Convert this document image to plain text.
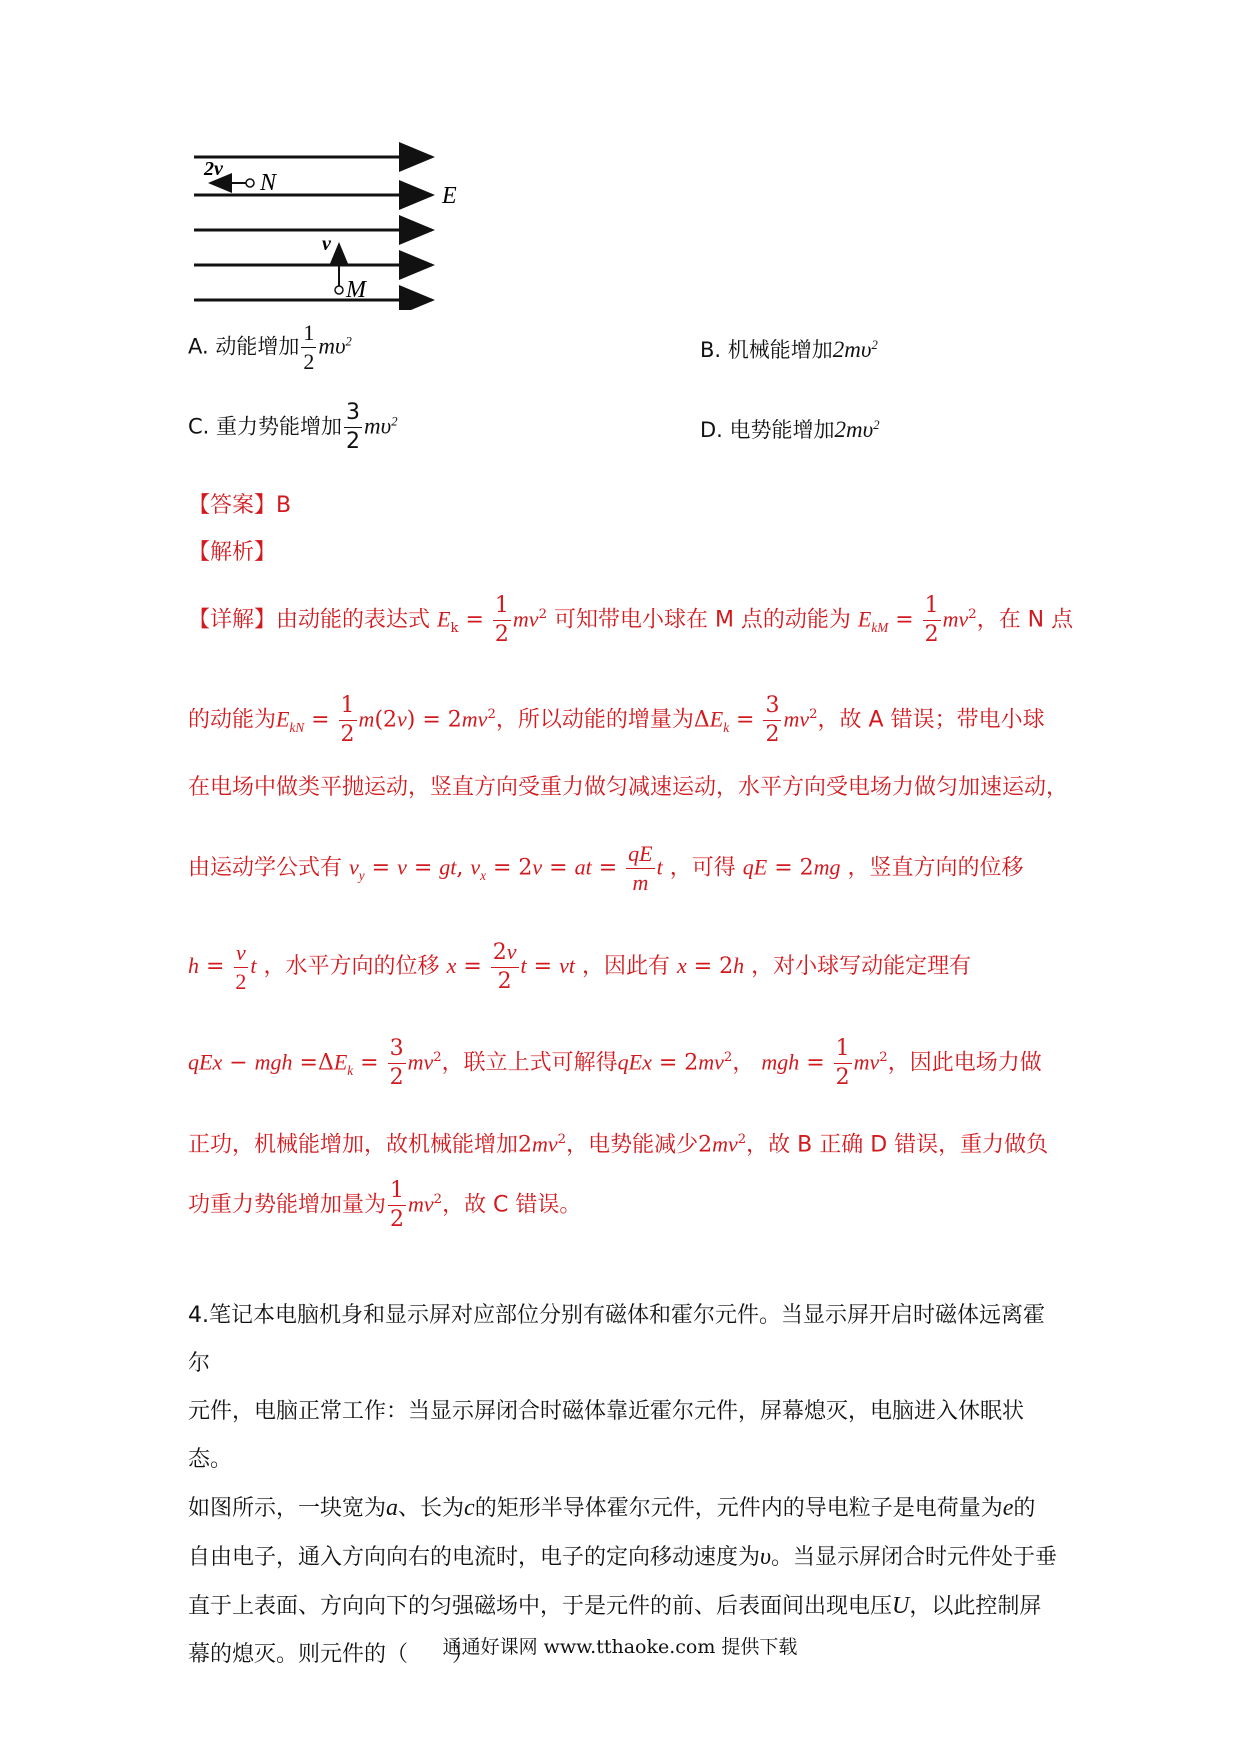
2v
N	E
v
M
A. 动能增加 $\frac{1}{2} m\upsilon^2$	B. 机械能增加$2m\upsilon^2$
C. 重力势能增加 $\frac{3}{2} m\upsilon^2$	D. 电势能增加$2m\upsilon^2$
【答案】B
【解析】
【详解】由动能的表达式 $E_k = \frac{1}{2} mv^2$ 可知带电小球在 M 点的动能为 $E_{kM} = \frac{1}{2} mv^2$，在 N 点
的动能为$E_{kN} = \frac{1}{2} m(2v) = 2mv^2$，所以动能的增量为$\Delta E_k = \frac{3}{2} mv^2$，故 A 错误；带电小球
在电场中做类平抛运动，竖直方向受重力做匀减速运动，水平方向受电场力做匀加速运动，
由运动学公式有 $v_y = v$ = gt, $v_x = 2v$ = at = $\frac{qE}{m}$ t ，可得 qE = 2mg ，竖直方向的位移
$h = \frac{v}{2}$ t ，水平方向的位移 $x = \frac{2v}{2}$ t = vt ，因此有 x = 2h ，对小球写动能定理有
qEx − mgh $=\Delta E_k = \frac{3}{2} mv^2$，联立上式可解得qEx = $2mv^2$， mgh = $\frac{1}{2} mv^2$，因此电场力做
正功，机械能增加，故机械能增加$2mv^2$，电势能减少$2mv^2$，故 B 正确 D 错误，重力做负
功重力势能增加量为 $\frac{1}{2} mv^2$，故 C 错误。
4.笔记本电脑机身和显示屏对应部位分别有磁体和霍尔元件。当显示屏开启时磁体远离霍尔
元件，电脑正常工作：当显示屏闭合时磁体靠近霍尔元件，屏幕熄灭，电脑进入休眠状态。
如图所示，一块宽为a、长为c的矩形半导体霍尔元件，元件内的导电粒子是电荷量为e的
自由电子，通入方向向右的电流时，电子的定向移动速度为υ。当显示屏闭合时元件处于垂
直于上表面、方向向下的匀强磁场中，于是元件的前、后表面间出现电压U，以此控制屏
幕的熄灭。则元件的（　　）
通通好课网 www.tthaoke.com 提供下载
